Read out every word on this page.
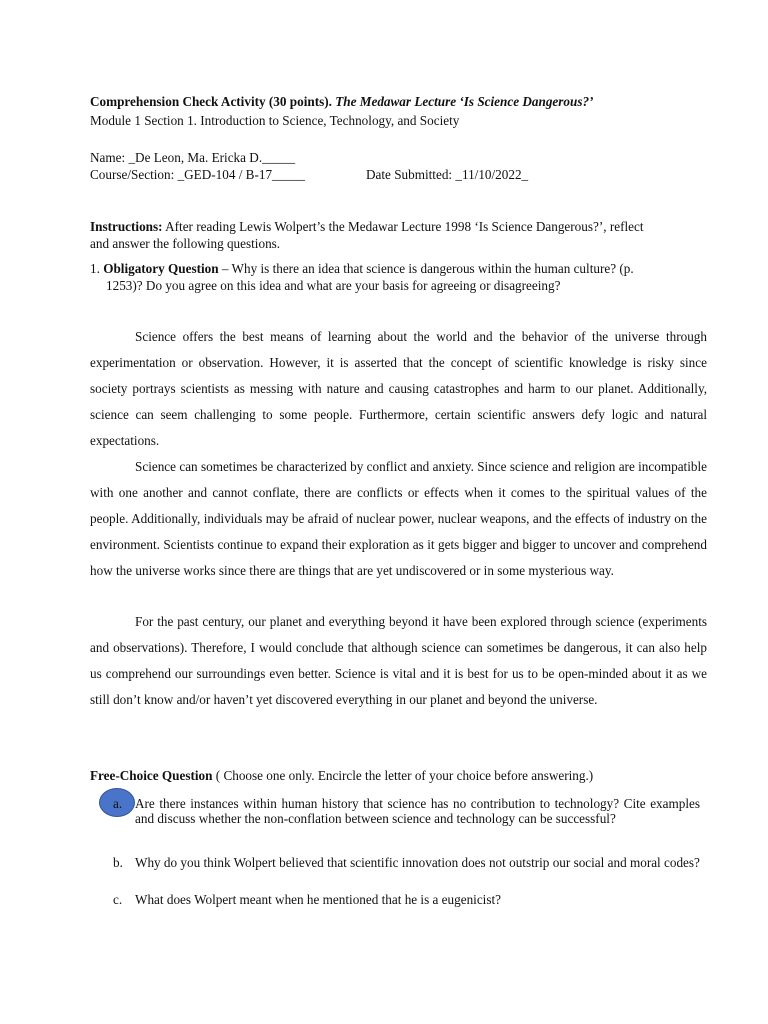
Comprehension Check Activity (30 points). The Medawar Lecture ‘Is Science Dangerous?’
Module 1 Section 1. Introduction to Science, Technology, and Society
Name: _De Leon, Ma. Ericka D._____
Course/Section: _GED-104 / B-17_____	Date Submitted: _11/10/2022_
Instructions: After reading Lewis Wolpert’s the Medawar Lecture 1998 ‘Is Science Dangerous?’, reflect
and answer the following questions.
1. Obligatory Question – Why is there an idea that science is dangerous within the human culture? (p.
1253)? Do you agree on this idea and what are your basis for agreeing or disagreeing?
Science offers the best means of learning about the world and the behavior of the universe through experimentation or observation. However, it is asserted that the concept of scientific knowledge is risky since society portrays scientists as messing with nature and causing catastrophes and harm to our planet. Additionally, science can seem challenging to some people. Furthermore, certain scientific answers defy logic and natural expectations.
Science can sometimes be characterized by conflict and anxiety. Since science and religion are incompatible with one another and cannot conflate, there are conflicts or effects when it comes to the spiritual values of the people. Additionally, individuals may be afraid of nuclear power, nuclear weapons, and the effects of industry on the environment. Scientists continue to expand their exploration as it gets bigger and bigger to uncover and comprehend how the universe works since there are things that are yet undiscovered or in some mysterious way.
For the past century, our planet and everything beyond it have been explored through science (experiments and observations). Therefore, I would conclude that although science can sometimes be dangerous, it can also help us comprehend our surroundings even better. Science is vital and it is best for us to be open-minded about it as we still don’t know and/or haven’t yet discovered everything in our planet and beyond the universe.
Free-Choice Question ( Choose one only. Encircle the letter of your choice before answering.)
a. Are there instances within human history that science has no contribution to technology? Cite examples and discuss whether the non-conflation between science and technology can be successful?
b. Why do you think Wolpert believed that scientific innovation does not outstrip our social and moral codes?
c. What does Wolpert meant when he mentioned that he is a eugenicist?
